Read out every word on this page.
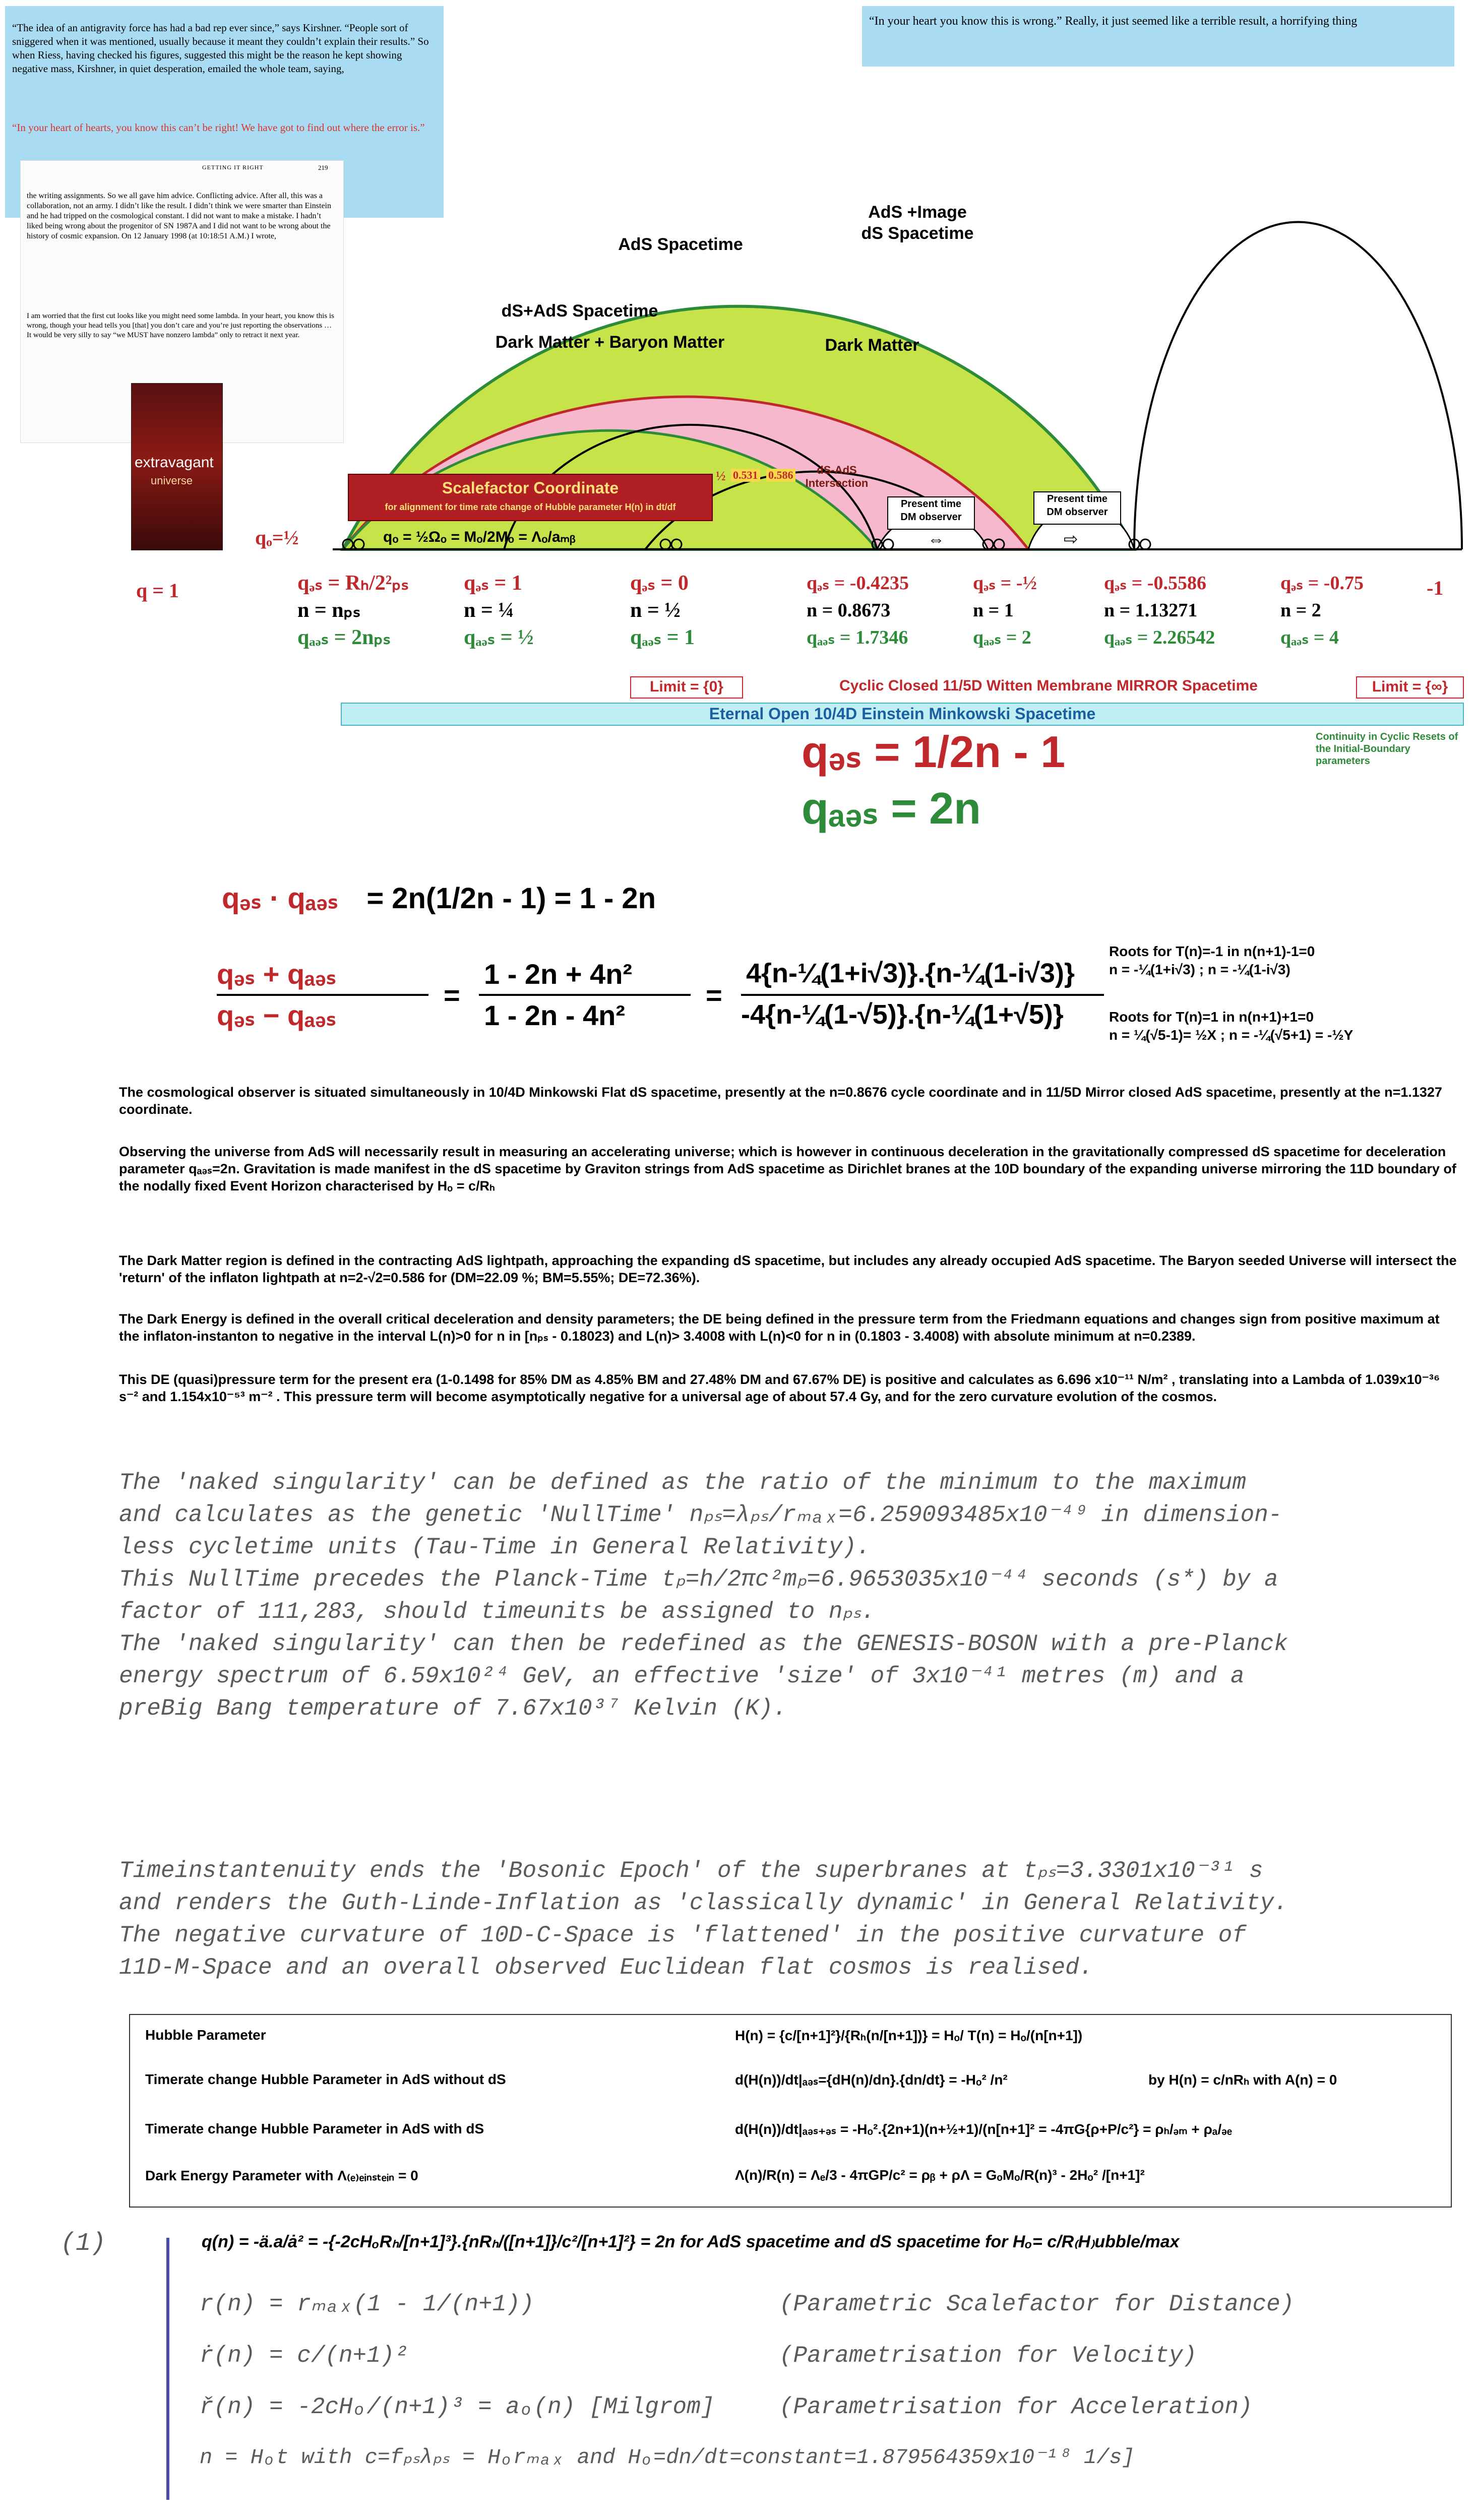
“The idea of an antigravity force has had a bad rep ever since,” says Kirshner. “People sort of sniggered when it was mentioned, usually because it meant they couldn’t explain their results.” So when Riess, having checked his figures, suggested this might be the reason he kept showing negative mass, Kirshner, in quiet desperation, emailed the whole team, saying,
“In your heart of hearts, you know this can’t be right! We have got to find out where the error is.”
“In your heart you know this is wrong.” Really, it just seemed like a terrible result, a horrifying thing
GETTING IT RIGHT	219
the writing assignments. So we all gave him advice. Conflicting advice. After all, this was a collaboration, not an army. I didn’t like the result. I didn’t think we were smarter than Einstein and he had tripped on the cosmological constant. I did not want to make a mistake. I hadn’t liked being wrong about the progenitor of SN 1987A and I did not want to be wrong about the history of cosmic expansion. On 12 January 1998 (at 10:18:51 A.M.) I wrote,
I am worried that the first cut looks like you might need some lambda. In your heart, you know this is wrong, though your head tells you [that] you don’t care and you’re just reporting the observations … It would be very silly to say “we MUST have nonzero lambda” only to retract it next year.
extravagant
universe	Scalefactor Coordinate
for alignment for time rate change of Hubble parameter H(n) in dt/df
½ 0.531 0.586	dS-AdS
Intersection
qₒ = ½Ωₒ = Mₒ/2Mₒ = Λₒ/aₘᵦ
qₒ=½
AdS +Image
dS Spacetime
AdS Spacetime
dS+AdS Spacetime
Dark Matter + Baryon Matter	Dark Matter
Present time
DM observer
Present time
DM observer
⇔	⇨
q = 1	-1
qₔₛ = Rₕ/2²ₚₛ
n = nₚₛ
qₐₔₛ = 2nₚₛ
qₔₛ = 1
n = ¼
qₐₔₛ = ½
qₔₛ = 0
n = ½
qₐₔₛ = 1
qₔₛ = -0.4235
n = 0.8673
qₐₔₛ = 1.7346
qₔₛ = -½
n = 1
qₐₔₛ = 2
qₔₛ = -0.5586
n = 1.13271
qₐₔₛ = 2.26542
qₔₛ = -0.75
n = 2
qₐₔₛ = 4
Limit = {0}	Cyclic Closed 11/5D Witten Membrane MIRROR Spacetime	Limit = {∞}
Eternal Open 10/4D Einstein Minkowski Spacetime
Continuity in Cyclic Resets of the Initial-Boundary parameters
qₔₛ = 1/2n - 1
qₐₔₛ = 2n
qₔₛ · qₐₔₛ = 2n(1/2n - 1) = 1 - 2n
qₔₛ + qₐₔₛ
qₔₛ − qₐₔₛ
=
1 - 2n + 4n²
1 - 2n - 4n²
=
4{n-¼(1+i√3)}.{n-¼(1-i√3)}
-4{n-¼(1-√5)}.{n-¼(1+√5)}
Roots for T(n)=-1 in n(n+1)-1=0
n = -¼(1+i√3) ; n = -¼(1-i√3)
Roots for T(n)=1 in n(n+1)+1=0
n = ¼(√5-1)= ½X ; n = -¼(√5+1) = -½Y
The cosmological observer is situated simultaneously in 10/4D Minkowski Flat dS spacetime, presently at the n=0.8676 cycle coordinate and in 11/5D Mirror closed AdS spacetime, presently at the n=1.1327 coordinate.
Observing the universe from AdS will necessarily result in measuring an accelerating universe; which is however in continuous deceleration in the gravitationally compressed dS spacetime for deceleration parameter qₐₔₛ=2n. Gravitation is made manifest in the dS spacetime by Graviton strings from AdS spacetime as Dirichlet branes at the 10D boundary of the expanding universe mirroring the 11D boundary of the nodally fixed Event Horizon characterised by Hₒ = c/Rₕ
The Dark Matter region is defined in the contracting AdS lightpath, approaching the expanding dS spacetime, but includes any already occupied AdS spacetime. The Baryon seeded Universe will intersect the 'return' of the inflaton lightpath at n=2-√2=0.586 for (DM=22.09 %; BM=5.55%; DE=72.36%).
The Dark Energy is defined in the overall critical deceleration and density parameters; the DE being defined in the pressure term from the Friedmann equations and changes sign from positive maximum at the inflaton-instanton to negative in the interval L(n)>0 for n in [nₚₛ - 0.18023) and L(n)> 3.4008 with L(n)<0 for n in (0.1803 - 3.4008) with absolute minimum at n=0.2389.
This DE (quasi)pressure term for the present era (1-0.1498 for 85% DM as 4.85% BM and 27.48% DM and 67.67% DE) is positive and calculates as 6.696 x10⁻¹¹ N/m² , translating into a Lambda of 1.039x10⁻³⁶ s⁻² and 1.154x10⁻⁵³ m⁻² . This pressure term will become asymptotically negative for a universal age of about 57.4 Gy, and for the zero curvature evolution of the cosmos.
The 'naked singularity' can be defined as the ratio of the minimum to the maximum
and calculates as the genetic 'NullTime' nₚₛ=λₚₛ/rₘₐₓ=6.259093485x10⁻⁴⁹ in dimension-
less cycletime units (Tau-Time in General Relativity).
This NullTime precedes the Planck-Time tₚ=h/2πc²mₚ=6.9653035x10⁻⁴⁴ seconds (s*) by a
factor of 111,283, should timeunits be assigned to nₚₛ.
The 'naked singularity' can then be redefined as the GENESIS-BOSON with a pre-Planck
energy spectrum of 6.59x10²⁴ GeV, an effective 'size' of 3x10⁻⁴¹ metres (m) and a
preBig Bang temperature of 7.67x10³⁷ Kelvin (K).
Timeinstantenuity ends the 'Bosonic Epoch' of the superbranes at tₚₛ=3.3301x10⁻³¹ s
and renders the Guth-Linde-Inflation as 'classically dynamic' in General Relativity.
The negative curvature of 10D-C-Space is 'flattened' in the positive curvature of
11D-M-Space and an overall observed Euclidean flat cosmos is realised.
Hubble Parameter	H(n) = {c/[n+1]²}/{Rₕ(n/[n+1])} = Hₒ/ T(n) = Hₒ/(n[n+1])
Timerate change Hubble Parameter in AdS without dS	d(H(n))/dt|ₐₔₛ={dH(n)/dn}.{dn/dt} = -Hₒ² /n²	by H(n) = c/nRₕ with A(n) = 0
Timerate change Hubble Parameter in AdS with dS	d(H(n))/dt|ₐₔₛ₊ₔₛ = -Hₒ².{2n+1)(n+½+1)/(n[n+1]² = -4πG{ρ+P/c²} = ρₕ/ₔₘ + ρₐ/ₔₑ
Dark Energy Parameter with Λ₍ₑ₎ₑᵢₙₛₜₑᵢₙ = 0	Λ(n)/R(n) = Λₑ/3 - 4πGP/c² = ρᵦ + ρΛ = GₒMₒ/R(n)³ - 2Hₒ² /[n+1]²
(1)	q(n) = -ä.a/ȧ² = -{-2cHₒRₕ/[n+1]³}.{nRₕ/([n+1]}/c²/[n+1]²} = 2n for AdS spacetime and dS spacetime for Hₒ= c/R₍H₎ubble/max
r(n) = rₘₐₓ(1 - 1/(n+1))	(Parametric Scalefactor for Distance)
ṙ(n) = c/(n+1)²	(Parametrisation for Velocity)
ř(n) = -2cHₒ/(n+1)³ = aₒ(n) [Milgrom]	(Parametrisation for Acceleration)
n = Hₒt with c=fₚₛλₚₛ = Hₒrₘₐₓ and Hₒ=dn/dt=constant=1.879564359x10⁻¹⁸ 1/s]
